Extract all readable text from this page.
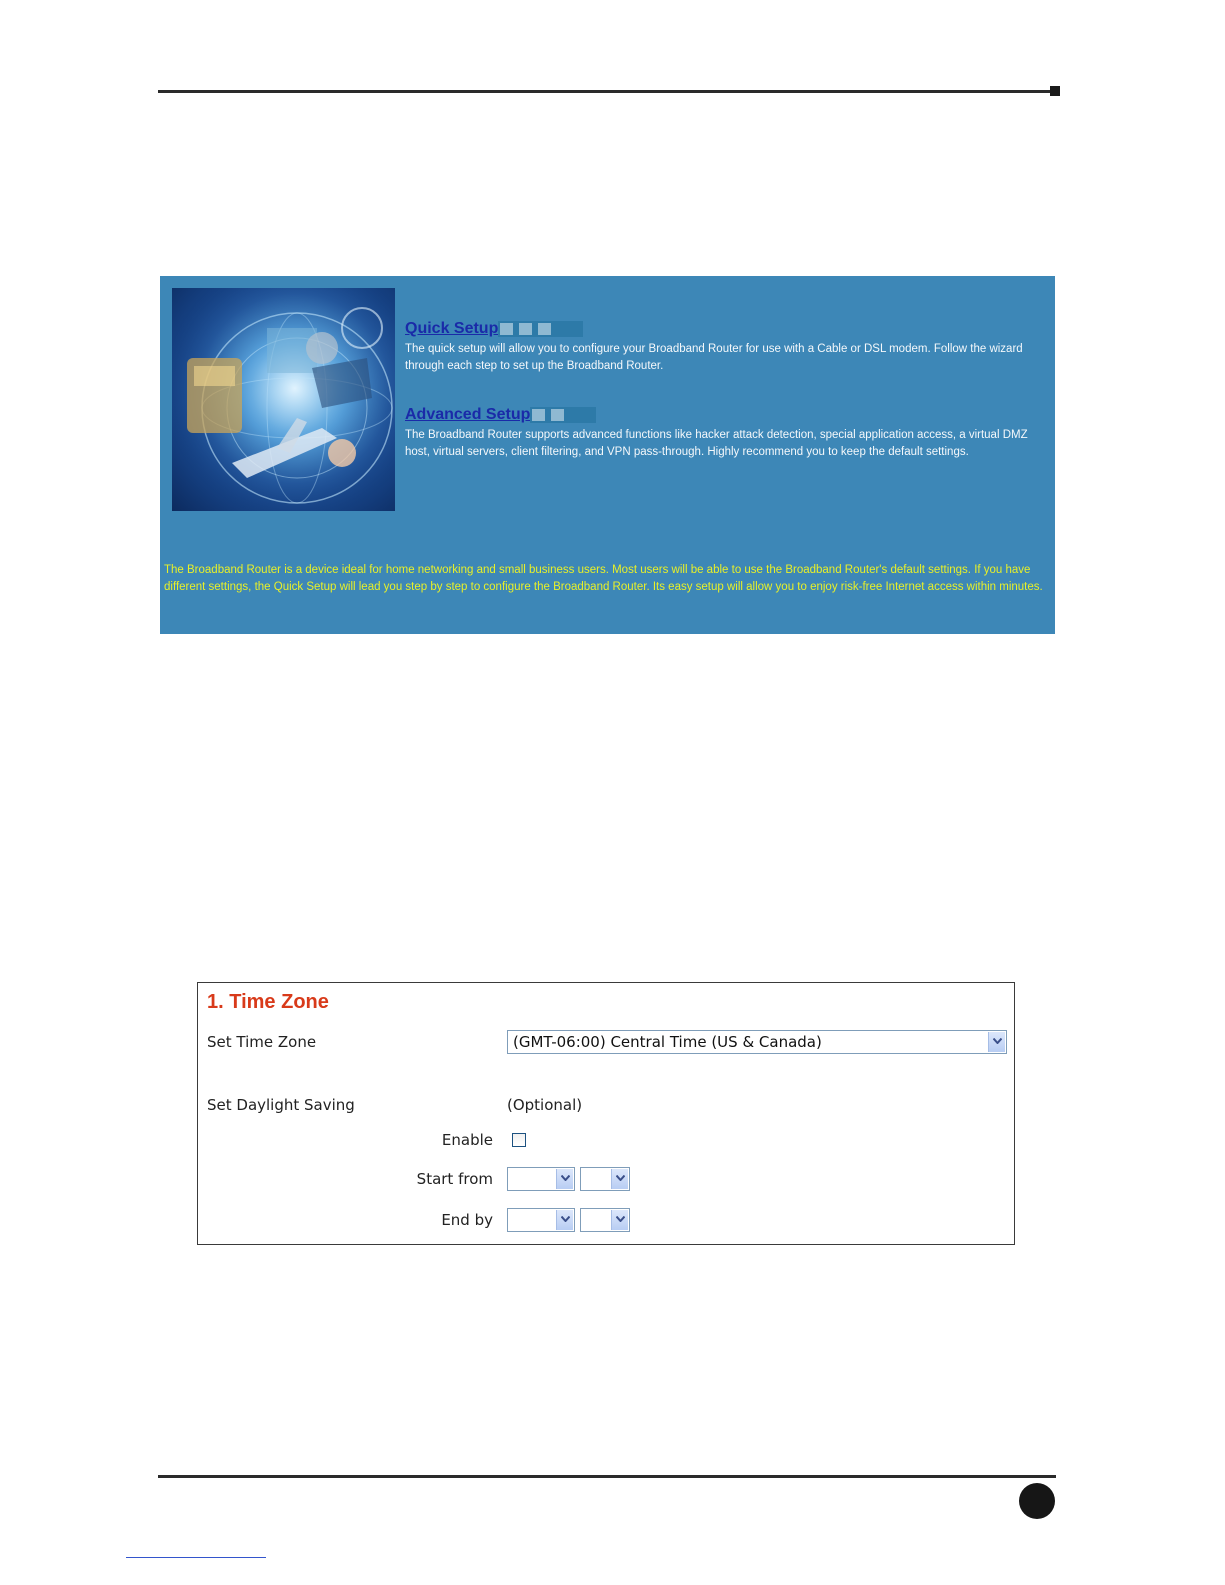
Quick Setup
The quick setup will allow you to configure your Broadband Router for use with a Cable or DSL modem. Follow the wizard through each step to set up the Broadband Router.
Advanced Setup
The Broadband Router supports advanced functions like hacker attack detection, special application access, a virtual DMZ host, virtual servers, client filtering, and VPN pass-through. Highly recommend you to keep the default settings.
The Broadband Router is a device ideal for home networking and small business users. Most users will be able to use the Broadband Router's default settings. If you have different settings, the Quick Setup will lead you step by step to configure the Broadband Router. Its easy setup will allow you to enjoy risk-free Internet access within minutes.
1. Time Zone
Set Time Zone	(GMT-06:00) Central Time (US & Canada)
Set Daylight Saving	(Optional)
Enable
Start from
End by
